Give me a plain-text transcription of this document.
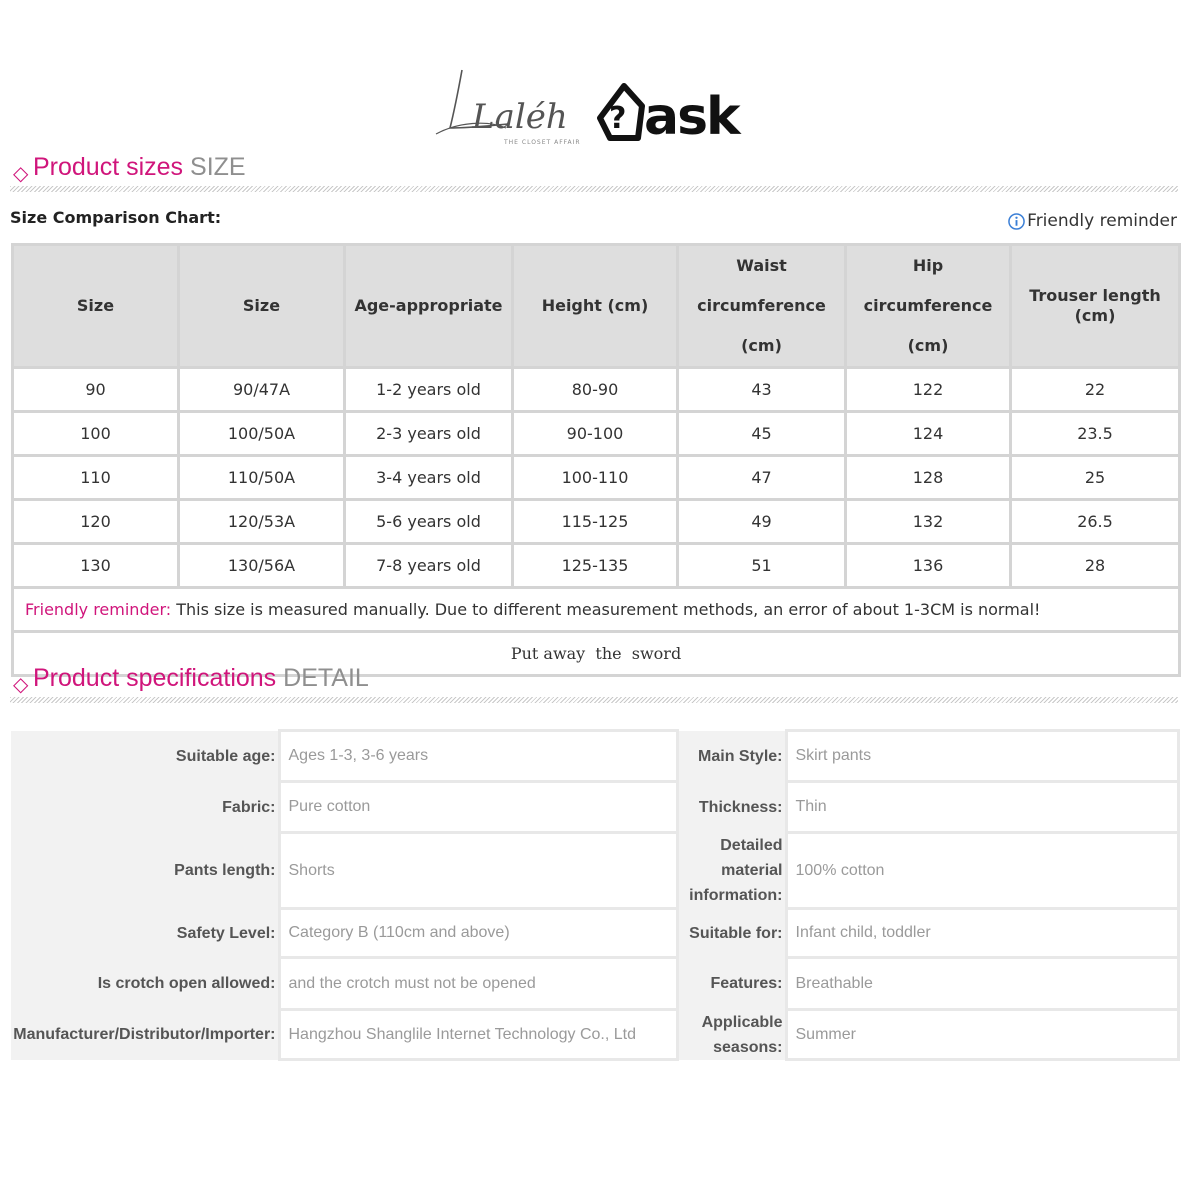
Laléh
THE CLOSET AFFAIR
? ask
◇ Product sizes SIZE
Size Comparison Chart:	Friendly reminder
Size	Size	Age-appropriate	Height (cm)	Waist circumference (cm)	Hip circumference (cm)	Trouser length (cm)
90	90/47A	1-2 years old	80-90	43	122	22
100	100/50A	2-3 years old	90-100	45	124	23.5
110	110/50A	3-4 years old	100-110	47	128	25
120	120/53A	5-6 years old	115-125	49	132	26.5
130	130/56A	7-8 years old	125-135	51	136	28
Friendly reminder: This size is measured manually. Due to different measurement methods, an error of about 1-3CM is normal!						
Put away  the  sword						
◇ Product specifications DETAIL
Suitable age:	Ages 1-3, 3-6 years	Main Style:	Skirt pants
Fabric:	Pure cotton	Thickness:	Thin
Pants length:	Shorts	Detailed material information:	100% cotton
Safety Level:	Category B (110cm and above)	Suitable for:	Infant child, toddler
Is crotch open allowed:	and the crotch must not be opened	Features:	Breathable
Manufacturer/Distributor/Importer:	Hangzhou Shanglile Internet Technology Co., Ltd	Applicable seasons:	Summer
